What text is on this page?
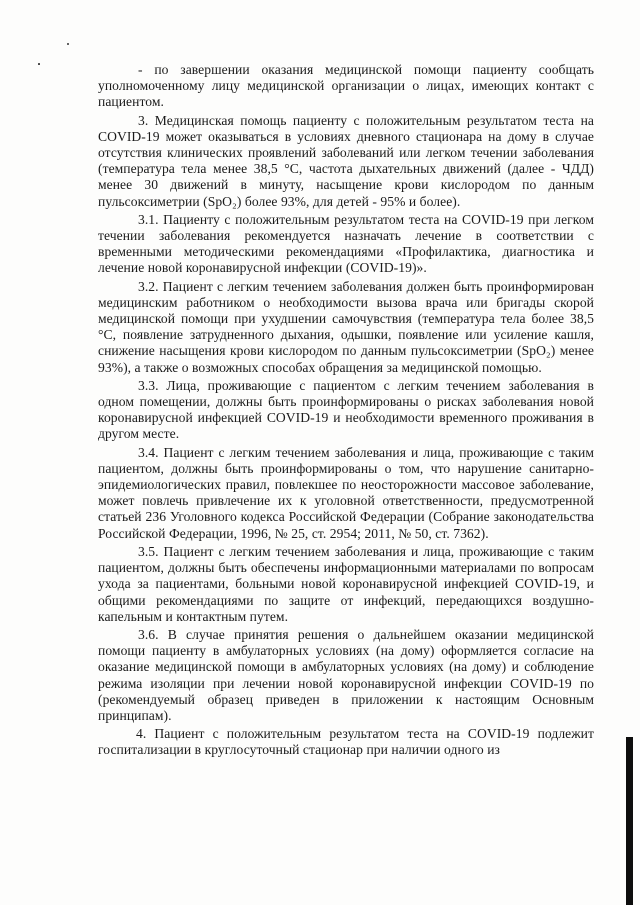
- по завершении оказания медицинской помощи пациенту сообщать уполномоченному лицу медицинской организации о лицах, имеющих контакт с пациентом.

3. Медицинская помощь пациенту с положительным результатом теста на COVID-19 может оказываться в условиях дневного стационара на дому в случае отсутствия клинических проявлений заболеваний или легком течении заболевания (температура тела менее 38,5 °С, частота дыхательных движений (далее - ЧДД) менее 30 движений в минуту, насыщение крови кислородом по данным пульсоксиметрии (SpO₂) более 93%, для детей - 95% и более).

3.1. Пациенту с положительным результатом теста на COVID-19 при легком течении заболевания рекомендуется назначать лечение в соответствии с временными методическими рекомендациями «Профилактика, диагностика и лечение новой коронавирусной инфекции (COVID-19)».

3.2. Пациент с легким течением заболевания должен быть проинформирован медицинским работником о необходимости вызова врача или бригады скорой медицинской помощи при ухудшении самочувствия (температура тела более 38,5 °С, появление затрудненного дыхания, одышки, появление или усиление кашля, снижение насыщения крови кислородом по данным пульсоксиметрии (SpO₂) менее 93%), а также о возможных способах обращения за медицинской помощью.

3.3. Лица, проживающие с пациентом с легким течением заболевания в одном помещении, должны быть проинформированы о рисках заболевания новой коронавирусной инфекцией COVID-19 и необходимости временного проживания в другом месте.

3.4. Пациент с легким течением заболевания и лица, проживающие с таким пациентом, должны быть проинформированы о том, что нарушение санитарно-эпидемиологических правил, повлекшее по неосторожности массовое заболевание, может повлечь привлечение их к уголовной ответственности, предусмотренной статьей 236 Уголовного кодекса Российской Федерации (Собрание законодательства Российской Федерации, 1996, № 25, ст. 2954; 2011, № 50, ст. 7362).

3.5. Пациент с легким течением заболевания и лица, проживающие с таким пациентом, должны быть обеспечены информационными материалами по вопросам ухода за пациентами, больными новой коронавирусной инфекцией COVID-19, и общими рекомендациями по защите от инфекций, передающихся воздушно-капельным и контактным путем.

3.6. В случае принятия решения о дальнейшем оказании медицинской помощи пациенту в амбулаторных условиях (на дому) оформляется согласие на оказание медицинской помощи в амбулаторных условиях (на дому) и соблюдение режима изоляции при лечении новой коронавирусной инфекции COVID-19 по (рекомендуемый образец приведен в приложении к настоящим Основным принципам).

4. Пациент с положительным результатом теста на COVID-19 подлежит госпитализации в круглосуточный стационар при наличии одного из
